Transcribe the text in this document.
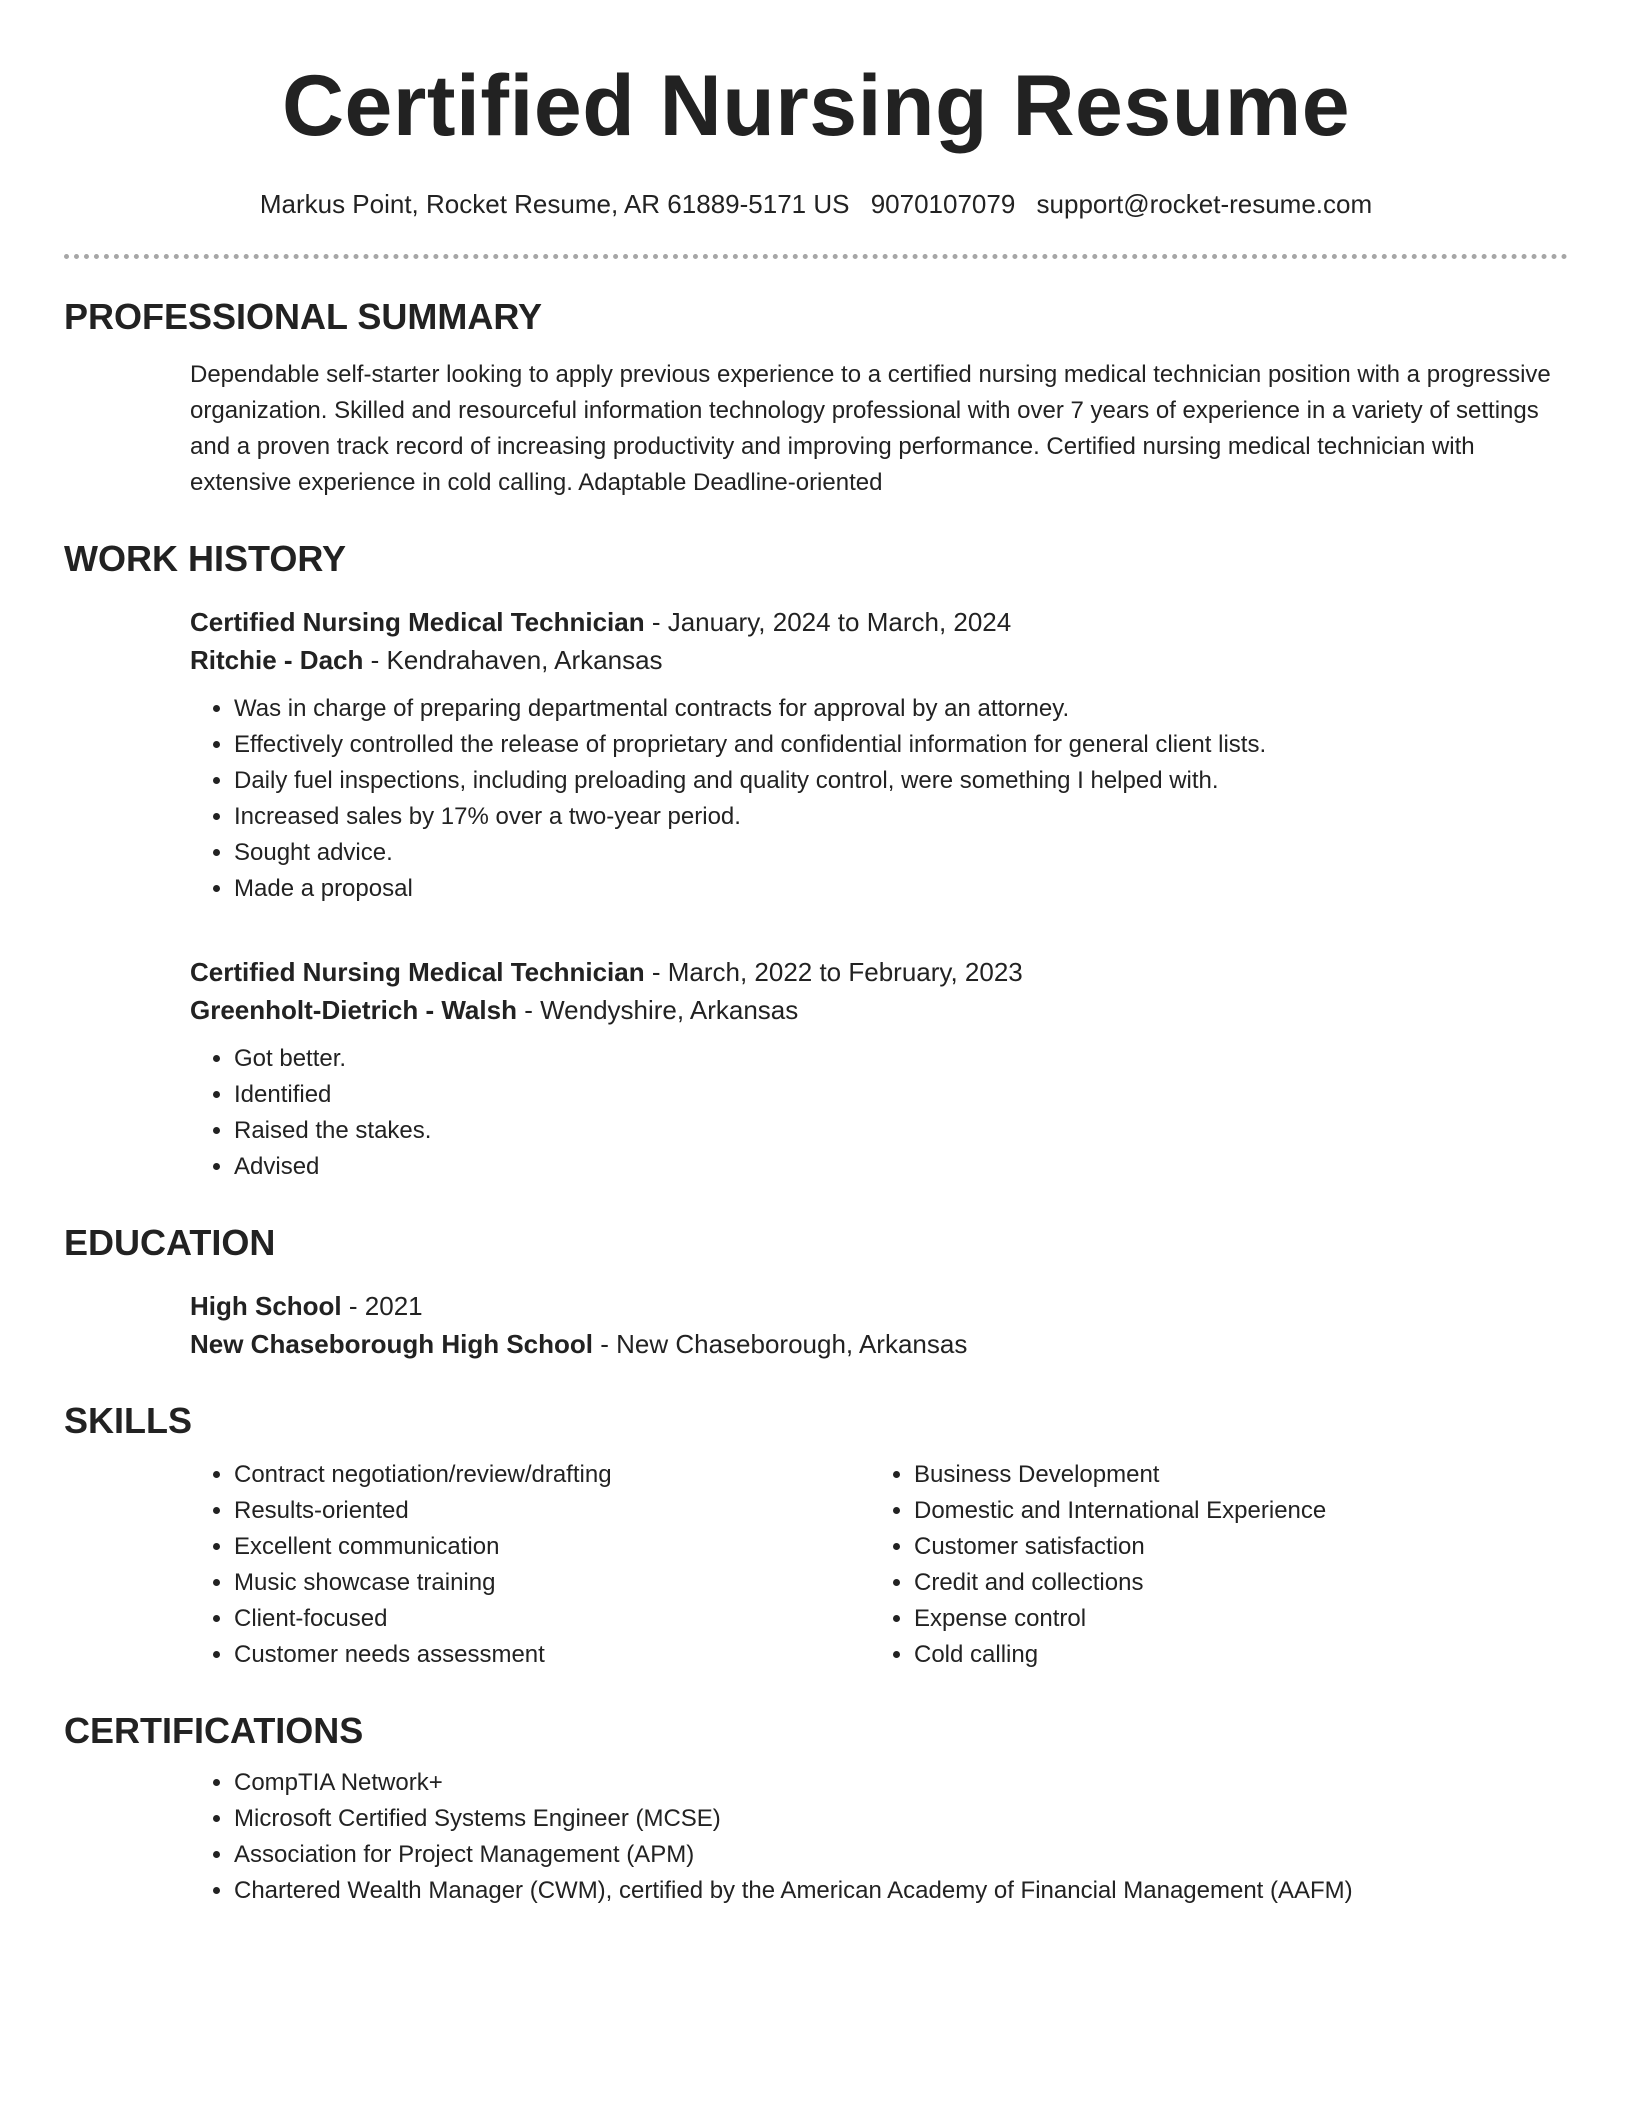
Certified Nursing Resume
Markus Point, Rocket Resume, AR 61889-5171 US 9070107079 support@rocket-resume.com
PROFESSIONAL SUMMARY

Dependable self-starter looking to apply previous experience to a certified nursing medical technician position with a progressive organization. Skilled and resourceful information technology professional with over 7 years of experience in a variety of settings and a proven track record of increasing productivity and improving performance. Certified nursing medical technician with extensive experience in cold calling. Adaptable Deadline-oriented

WORK HISTORY
Certified Nursing Medical Technician - January, 2024 to March, 2024
Ritchie - Dach - Kendrahaven, Arkansas
• Was in charge of preparing departmental contracts for approval by an attorney.
• Effectively controlled the release of proprietary and confidential information for general client lists.
• Daily fuel inspections, including preloading and quality control, were something I helped with.
• Increased sales by 17% over a two-year period.
• Sought advice.
• Made a proposal
Certified Nursing Medical Technician - March, 2022 to February, 2023
Greenholt-Dietrich - Walsh - Wendyshire, Arkansas
• Got better.
• Identified
• Raised the stakes.
• Advised
EDUCATION
High School - 2021
New Chaseborough High School - New Chaseborough, Arkansas
SKILLS
• Contract negotiation/review/drafting
• Results-oriented
• Excellent communication
• Music showcase training
• Client-focused
• Customer needs assessment
• Business Development
• Domestic and International Experience
• Customer satisfaction
• Credit and collections
• Expense control
• Cold calling
CERTIFICATIONS
• CompTIA Network+
• Microsoft Certified Systems Engineer (MCSE)
• Association for Project Management (APM)
• Chartered Wealth Manager (CWM), certified by the American Academy of Financial Management (AAFM)
